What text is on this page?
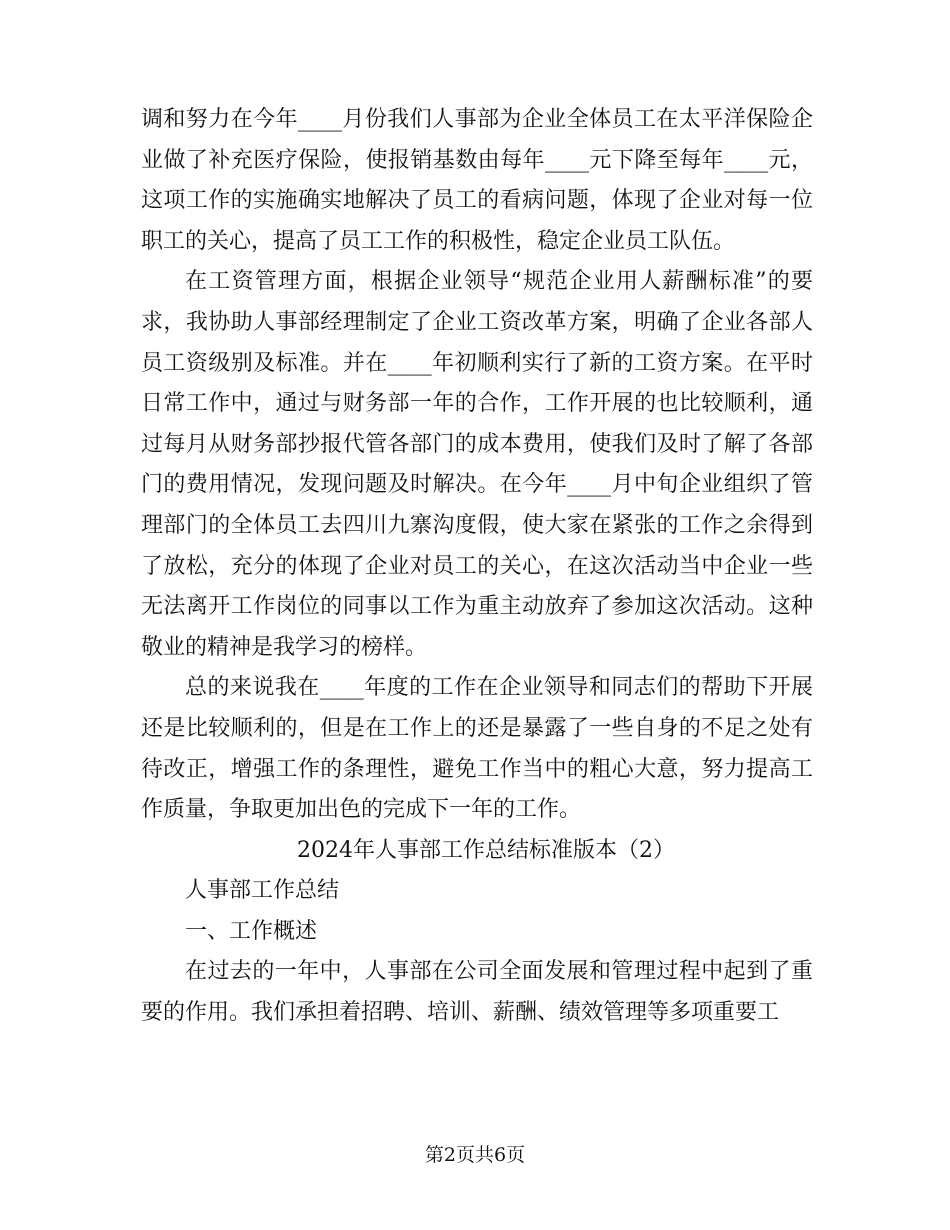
调和努力在今年____月份我们人事部为企业全体员工在太平洋保险企业做了补充医疗保险，使报销基数由每年____元下降至每年____元，这项工作的实施确实地解决了员工的看病问题，体现了企业对每一位职工的关心，提高了员工工作的积极性，稳定企业员工队伍。

在工资管理方面，根据企业领导“规范企业用人薪酬标准”的要求，我协助人事部经理制定了企业工资改革方案，明确了企业各部人员工资级别及标准。并在____年初顺利实行了新的工资方案。在平时日常工作中，通过与财务部一年的合作，工作开展的也比较顺利，通过每月从财务部抄报代管各部门的成本费用，使我们及时了解了各部门的费用情况，发现问题及时解决。在今年____月中旬企业组织了管理部门的全体员工去四川九寨沟度假，使大家在紧张的工作之余得到了放松，充分的体现了企业对员工的关心，在这次活动当中企业一些无法离开工作岗位的同事以工作为重主动放弃了参加这次活动。这种敬业的精神是我学习的榜样。

总的来说我在____年度的工作在企业领导和同志们的帮助下开展还是比较顺利的，但是在工作上的还是暴露了一些自身的不足之处有待改正，增强工作的条理性，避免工作当中的粗心大意，努力提高工作质量，争取更加出色的完成下一年的工作。

2024年人事部工作总结标准版本（2）

人事部工作总结

一、工作概述

在过去的一年中，人事部在公司全面发展和管理过程中起到了重要的作用。我们承担着招聘、培训、薪酬、绩效管理等多项重要工

第2页共6页
